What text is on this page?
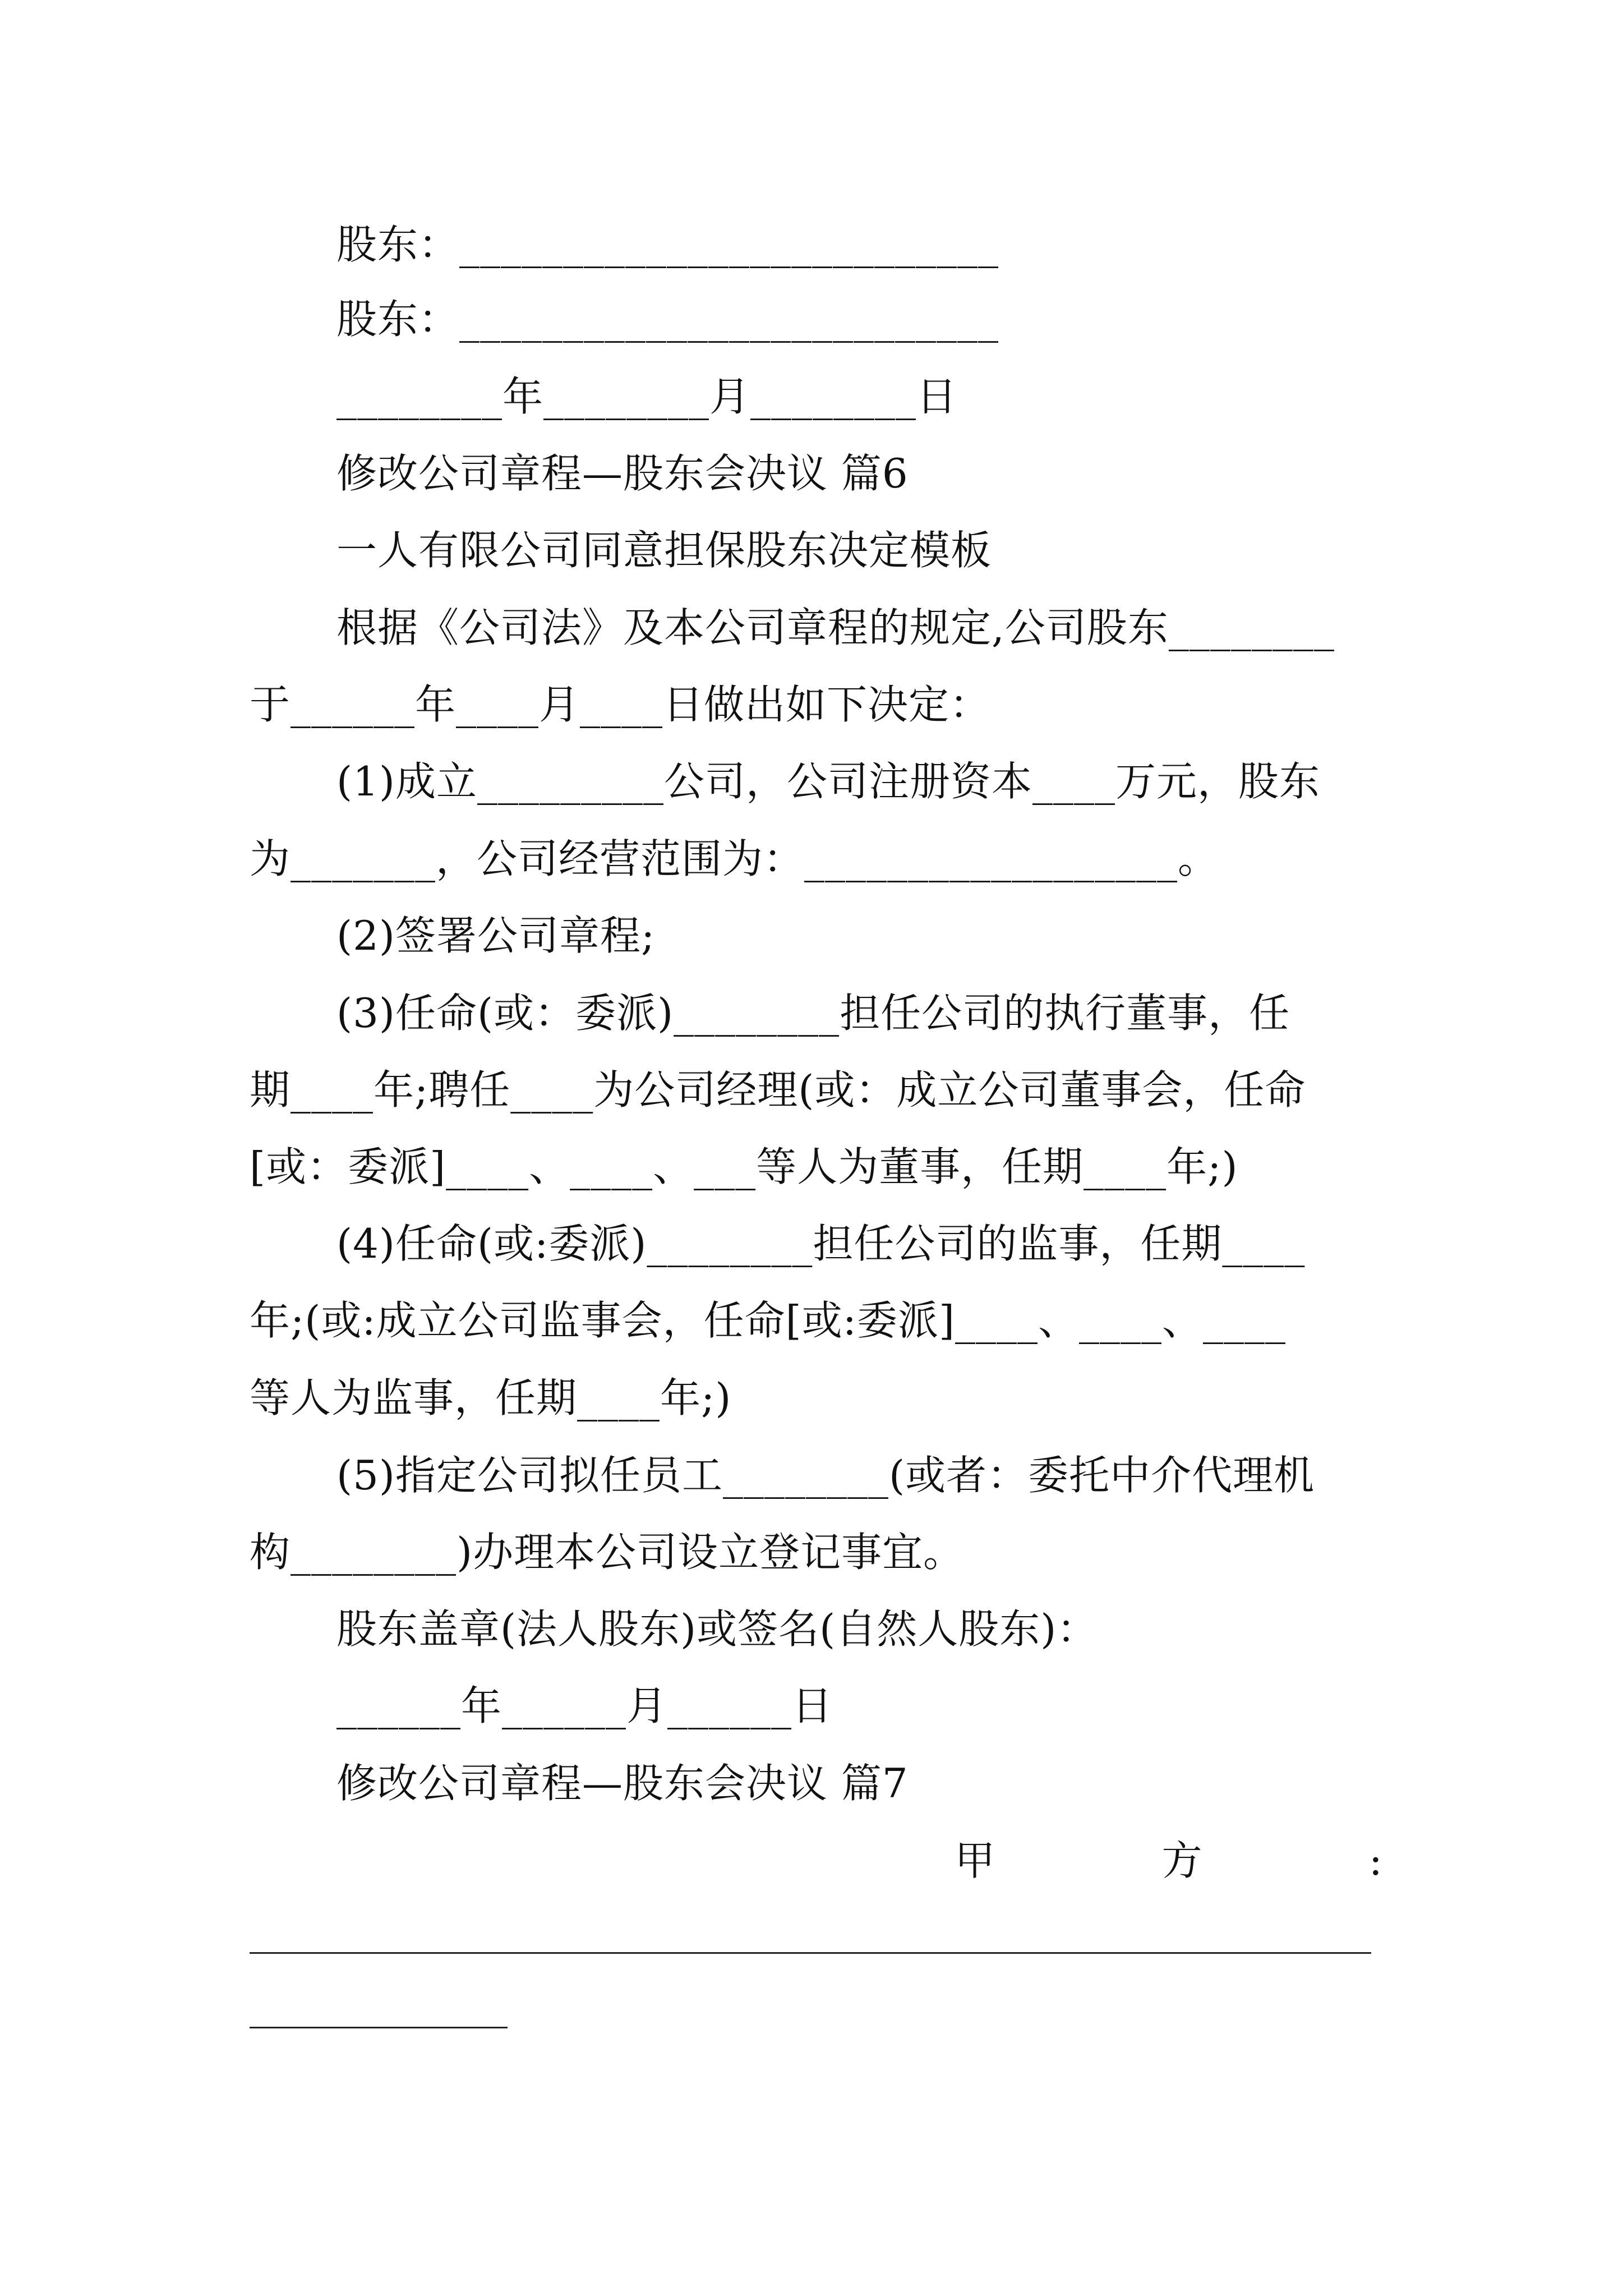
股东：__________________________
股东：__________________________
________年________月________日
修改公司章程—股东会决议 篇6
一人有限公司同意担保股东决定模板
根据《公司法》及本公司章程的规定,公司股东________
于______年____月____日做出如下决定：
(1)成立_________公司，公司注册资本____万元，股东
为_______，公司经营范围为：__________________。
(2)签署公司章程;
(3)任命(或：委派)________担任公司的执行董事，任
期____年;聘任____为公司经理(或：成立公司董事会，任命
[或：委派]____、____、___等人为董事，任期____年;)
(4)任命(或:委派)________担任公司的监事，任期____
年;(或:成立公司监事会，任命[或:委派]____、____、____
等人为监事，任期____年;)
(5)指定公司拟任员工________(或者：委托中介代理机
构________)办理本公司设立登记事宜。
股东盖章(法人股东)或签名(自然人股东)：
______年______月______日
修改公司章程—股东会决议 篇7
甲	方	:
